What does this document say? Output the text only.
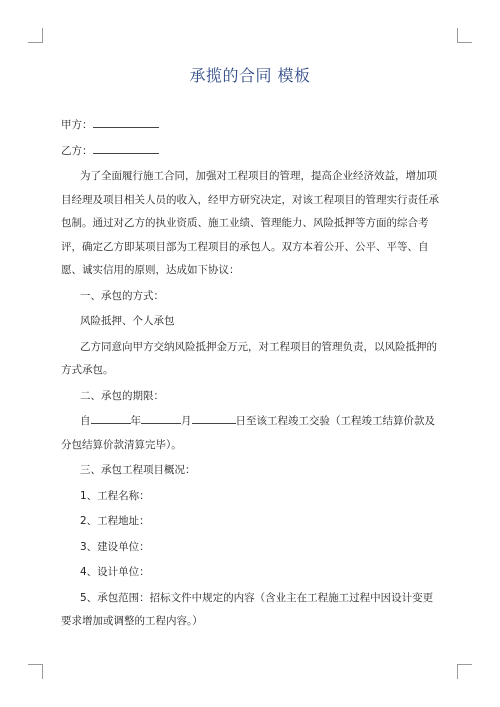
承揽的合同 模板

甲方：

乙方：

为了全面履行施工合同，加强对工程项目的管理，提高企业经济效益，增加项目经理及项目相关人员的收入，经甲方研究决定，对该工程项目的管理实行责任承包制。通过对乙方的执业资质、施工业绩、管理能力、风险抵押等方面的综合考评，确定乙方即某项目部为工程项目的承包人。双方本着公开、公平、平等、自愿、诚实信用的原则，达成如下协议：

一、承包的方式：

风险抵押、个人承包

乙方同意向甲方交纳风险抵押金万元，对工程项目的管理负责，以风险抵押的方式承包。

二、承包的期限：

自	年	月	日至该工程竣工交验（工程竣工结算价款及分包结算价款清算完毕）。

三、承包工程项目概况：

1、工程名称：

2、工程地址：

3、建设单位：

4、设计单位：

5、承包范围：招标文件中规定的内容（含业主在工程施工过程中因设计变更要求增加或调整的工程内容。）
